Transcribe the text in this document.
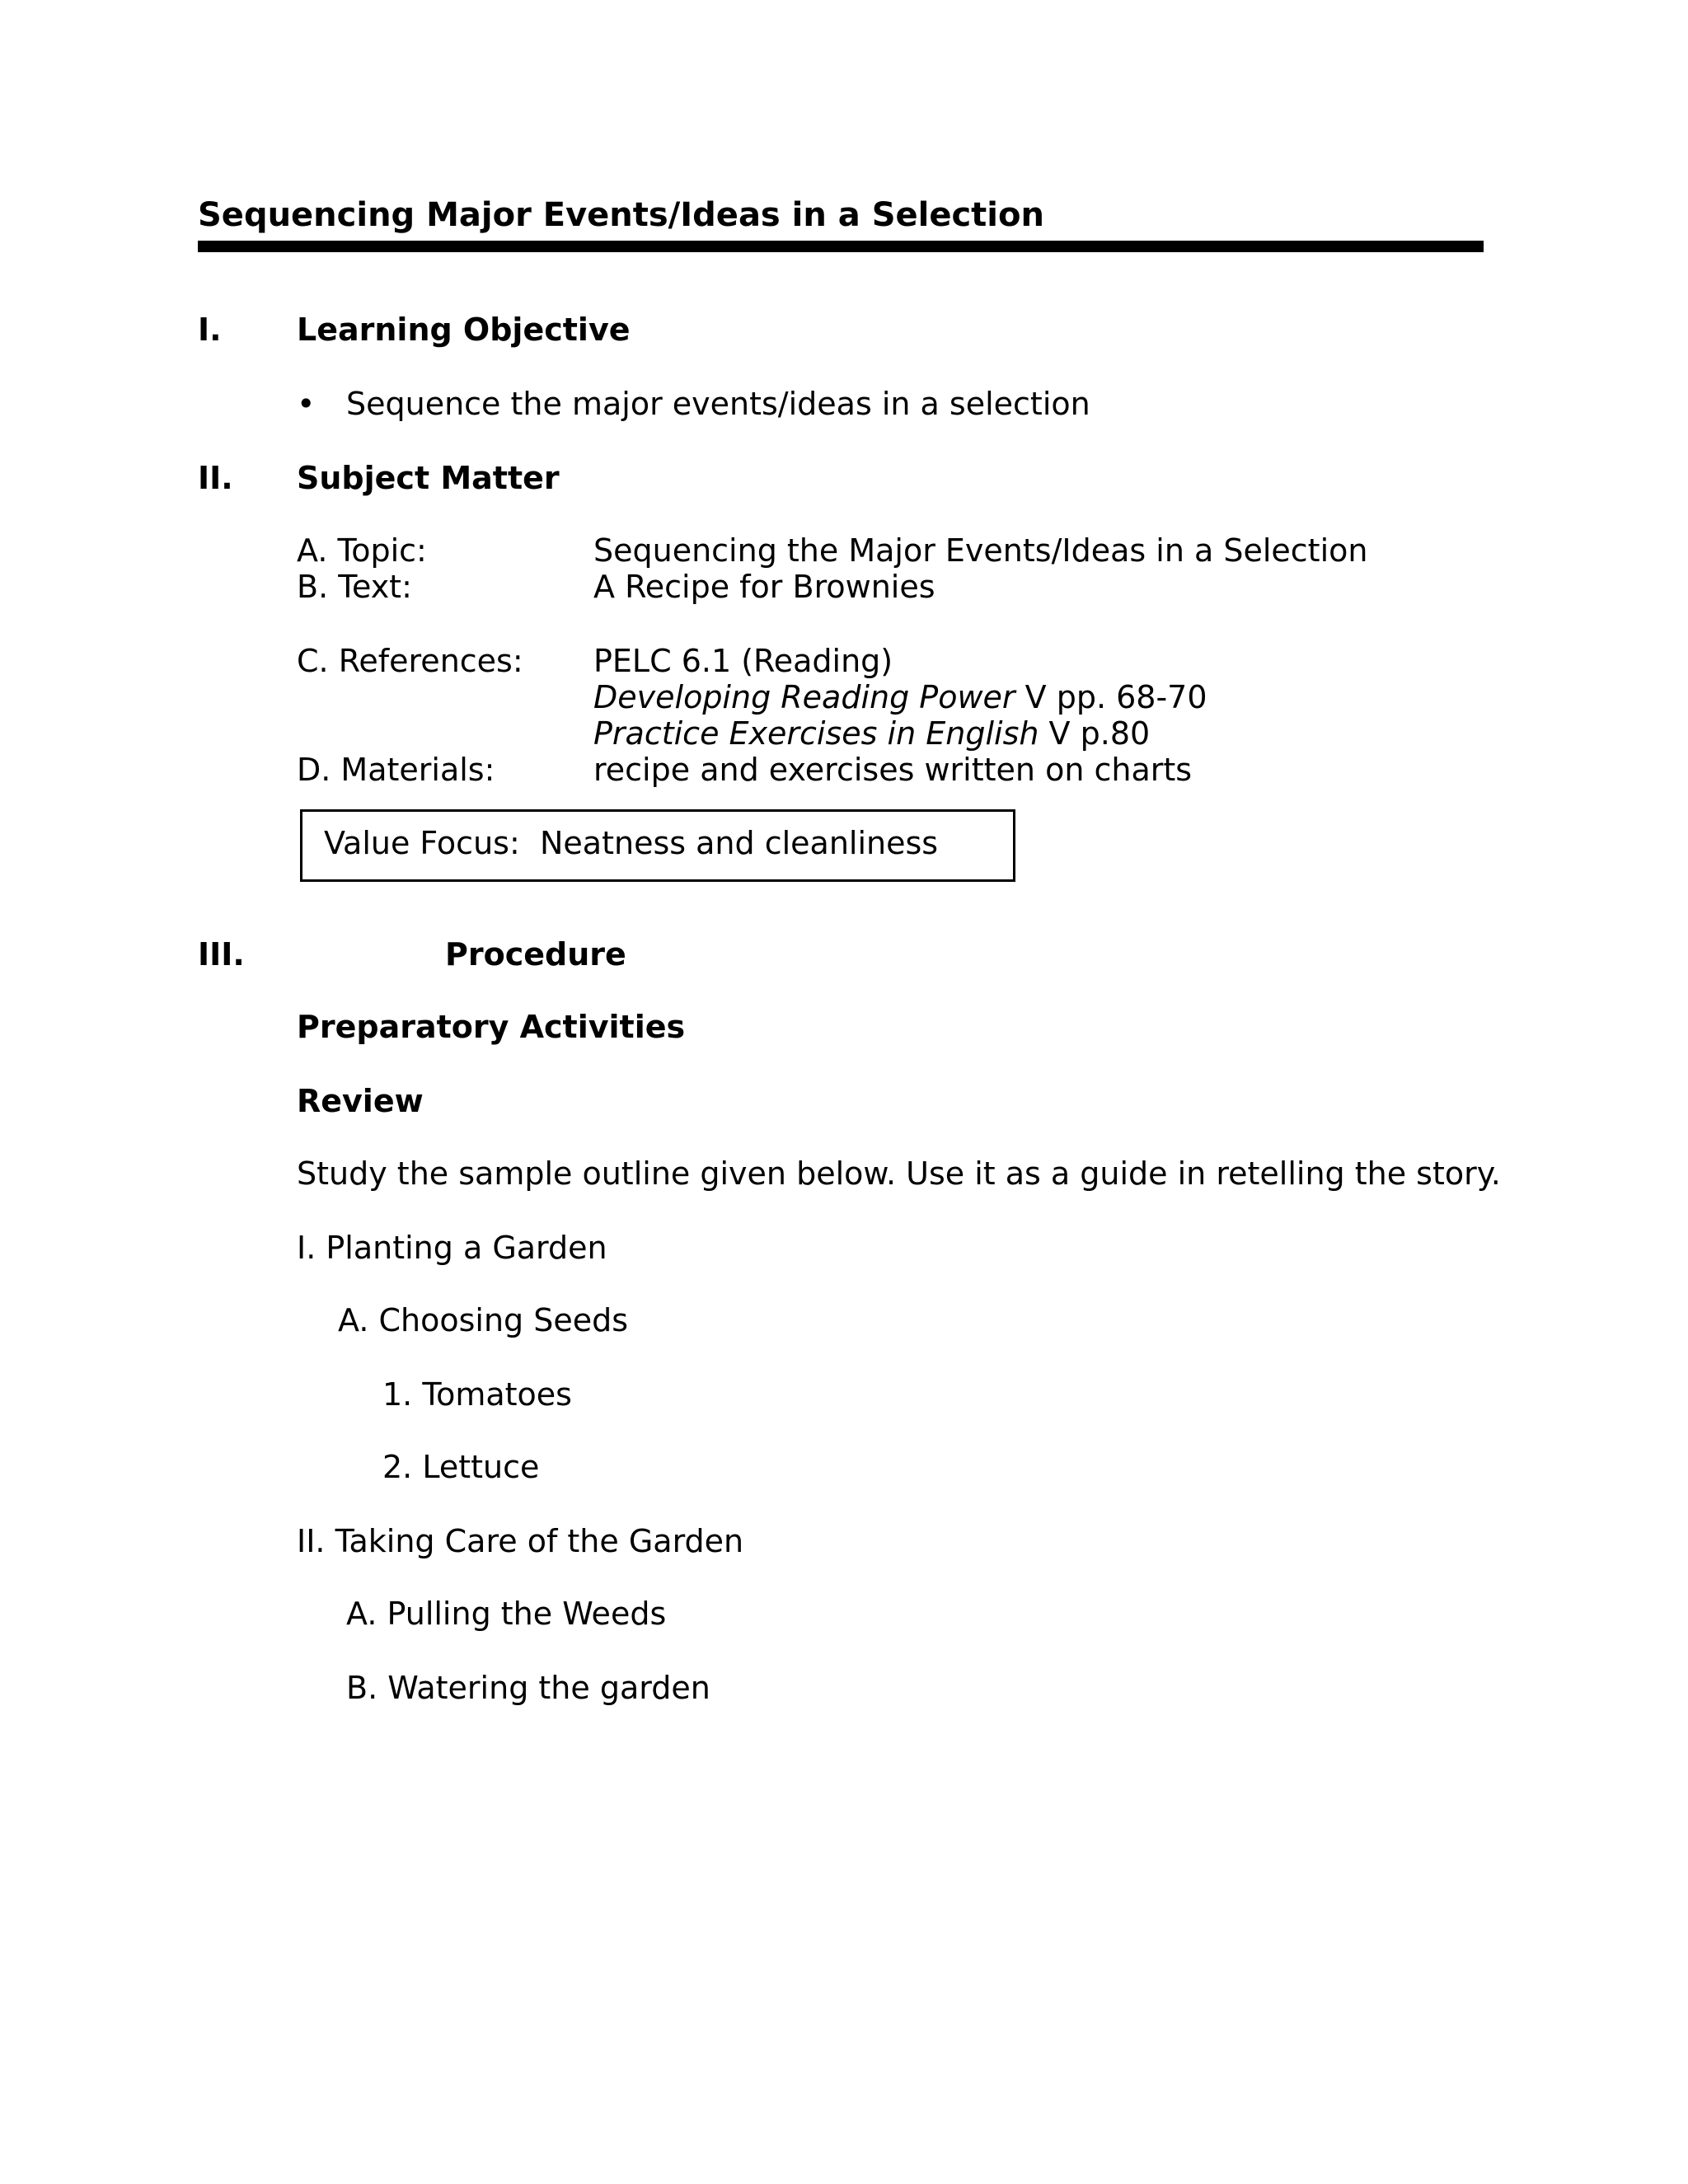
Sequencing Major Events/Ideas in a Selection
I. Learning Objective
• Sequence the major events/ideas in a selection
II. Subject Matter
A. Topic:	Sequencing the Major Events/Ideas in a Selection
B. Text:	A Recipe for Brownies
C. References: PELC 6.1 (Reading)
Developing Reading Power V pp. 68-70
Practice Exercises in English V p.80
D. Materials:	recipe and exercises written on charts
Value Focus: Neatness and cleanliness
III.	Procedure
Preparatory Activities
Review
Study the sample outline given below. Use it as a guide in retelling the story.
I. Planting a Garden
A. Choosing Seeds
1. Tomatoes
2. Lettuce
II. Taking Care of the Garden
A. Pulling the Weeds
B. Watering the garden
